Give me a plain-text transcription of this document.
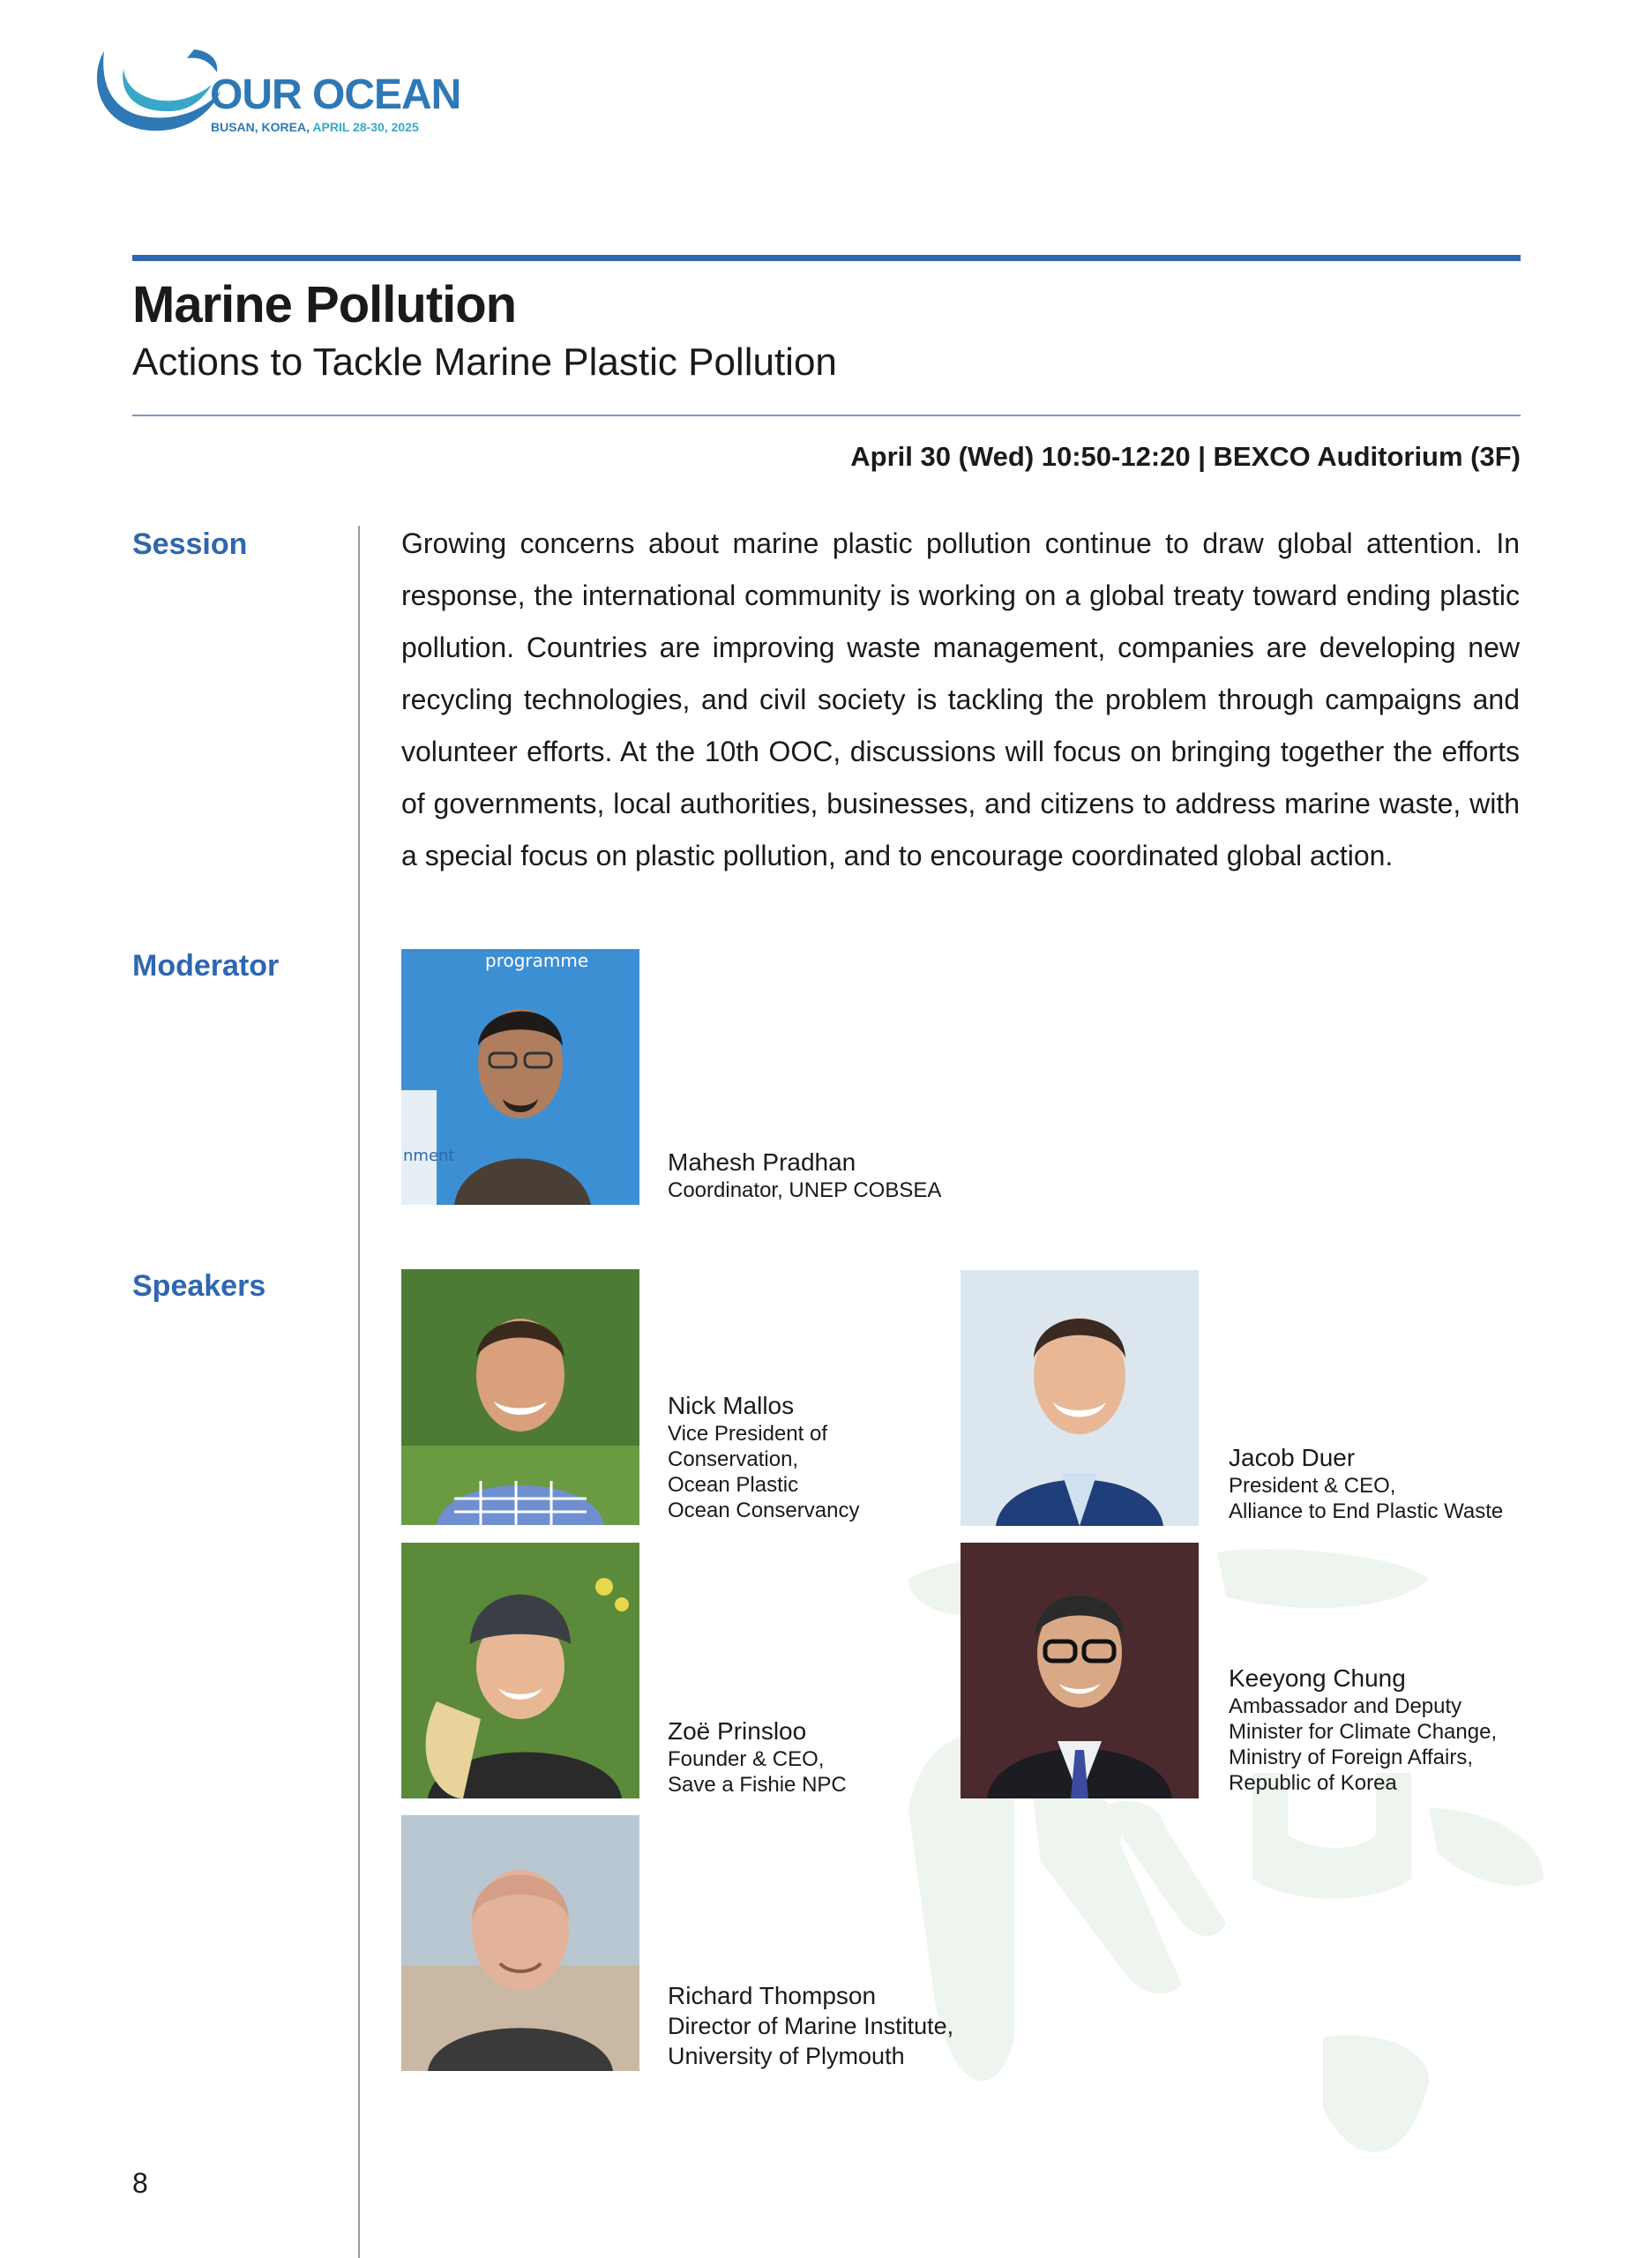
OUR OCEAN
BUSAN, KOREA, APRIL 28-30, 2025
Marine Pollution
Actions to Tackle Marine Plastic Pollution
April 30 (Wed) 10:50-12:20 | BEXCO Auditorium (3F)
Session
Moderator
Speakers
Growing concerns about marine plastic pollution continue to draw global attention. In response, the international community is working on a global treaty toward ending plastic pollution. Countries are improving waste management, companies are developing new recycling technologies, and civil society is tackling the problem through campaigns and volunteer efforts. At the 10th OOC, discussions will focus on bringing together the efforts of governments, local authorities, businesses, and citizens to address marine waste, with a special focus on plastic pollution, and to encourage coordinated global action.
programme
nment	Mahesh Pradhan
Coordinator, UNEP COBSEA
Nick Mallos
Vice President of
Conservation,
Ocean Plastic
Ocean Conservancy
Jacob Duer
President & CEO,
Alliance to End Plastic Waste
Zoë Prinsloo
Founder & CEO,
Save a Fishie NPC
Keeyong Chung
Ambassador and Deputy
Minister for Climate Change,
Ministry of Foreign Affairs,
Republic of Korea
Richard Thompson
Director of Marine Institute,
University of Plymouth
8
